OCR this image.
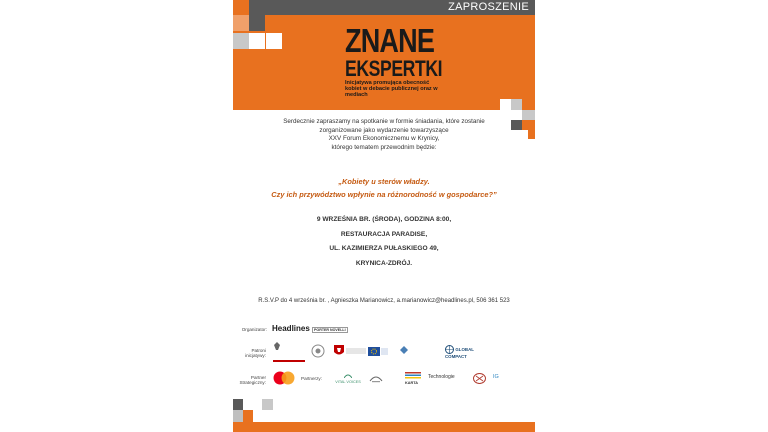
ZAPROSZENIE
ZNANE
EKSPERTKI
Inicjatywa promująca obecność kobiet w debacie publicznej oraz w mediach
Serdecznie zapraszamy na spotkanie w formie śniadania, które zostanie
zorganizowane jako wydarzenie towarzyszące
XXV Forum Ekonomicznemu w Krynicy,
którego tematem przewodnim będzie:
„Kobiety u sterów władzy.
Czy ich przywództwo wpłynie na różnorodność w gospodarce?”
9 WRZEŚNIA BR. (ŚRODA), GODZINA 8:00,
RESTAURACJA PARADISE,
UL. KAZIMIERZA PUŁASKIEGO 49,
KRYNICA-ZDRÓJ.
R.S.V.P do 4 września br. , Agnieszka Marianowicz, a.marianowicz@headlines.pl, 506 361 523
Organizator: Headlines PORTER NOVELLI
Patroni
inicjatywy:
GLOBAL COMPACT
Partner
Strategiczny:
Partnerzy:
VITAL VOICES	KARTA
Technologie	IG
